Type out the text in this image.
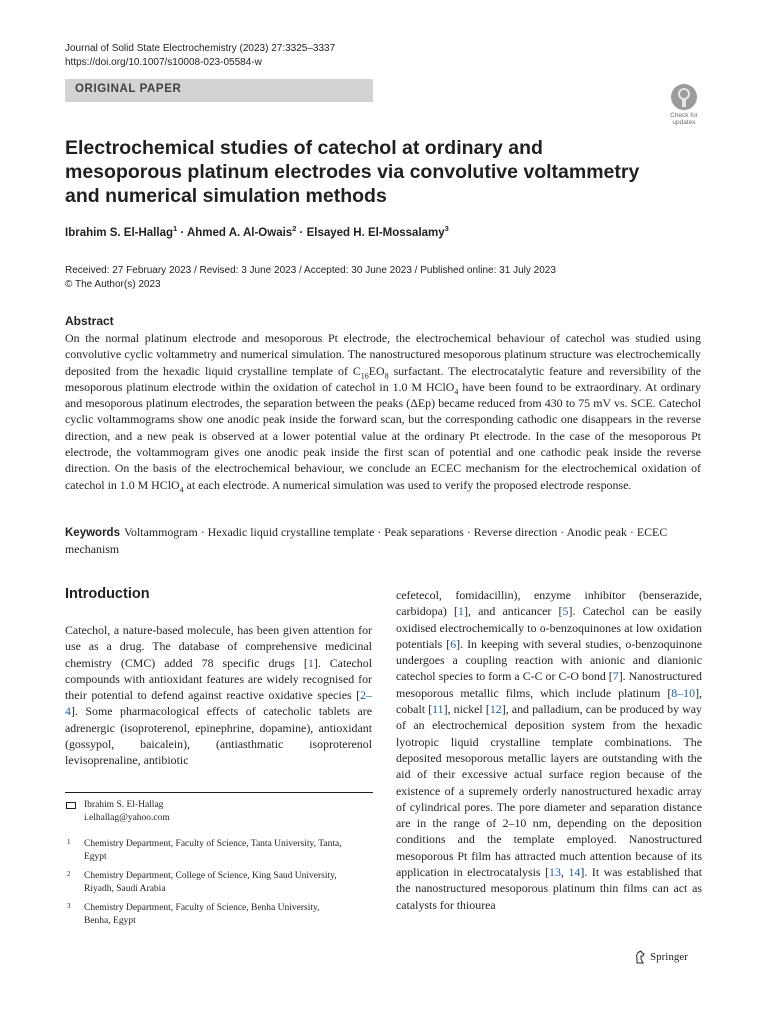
Journal of Solid State Electrochemistry (2023) 27:3325–3337
https://doi.org/10.1007/s10008-023-05584-w
ORIGINAL PAPER
Check for
updates
Electrochemical studies of catechol at ordinary and mesoporous platinum electrodes via convolutive voltammetry and numerical simulation methods
Ibrahim S. El‑Hallag$^1$ · Ahmed A. Al‑Owais$^2$ · Elsayed H. El‑Mossalamy$^3$
Received: 27 February 2023 / Revised: 3 June 2023 / Accepted: 30 June 2023 / Published online: 31 July 2023
© The Author(s) 2023
Abstract
On the normal platinum electrode and mesoporous Pt electrode, the electrochemical behaviour of catechol was studied using convolutive cyclic voltammetry and numerical simulation. The nanostructured mesoporous platinum structure was electrochemically deposited from the hexadic liquid crystalline template of $C_{16}EO_8$ surfactant. The electrocatalytic feature and reversibility of the mesoporous platinum electrode within the oxidation of catechol in 1.0 M HClO$_4$ have been found to be extraordinary. At ordinary and mesoporous platinum electrodes, the separation between the peaks (ΔEp) became reduced from 430 to 75 mV vs. SCE. Catechol cyclic voltammograms show one anodic peak inside the forward scan, but the corresponding cathodic one disappears in the reverse direction, and a new peak is observed at a lower potential value at the ordinary Pt electrode. In the case of the mesoporous Pt electrode, the voltammogram gives one anodic peak inside the first scan of potential and one cathodic peak inside the reverse direction. On the basis of the electrochemical behaviour, we conclude an ECEC mechanism for the electrochemical oxidation of catechol in 1.0 M HClO$_4$ at each electrode. A numerical simulation was used to verify the proposed electrode response.
Keywords Voltammogram · Hexadic liquid crystalline template · Peak separations · Reverse direction · Anodic peak · ECEC mechanism
Introduction
Catechol, a nature-based molecule, has been given attention for use as a drug. The database of comprehensive medicinal chemistry (CMC) added 78 specific drugs [1]. Catechol compounds with antioxidant features are widely recognised for their potential to defend against reactive oxidative species [2–4]. Some pharmacological effects of catecholic tablets are adrenergic (isoproterenol, epinephrine, dopamine), antioxidant (gossypol, baicalein), (antiasthmatic isoproterenol levisoprenaline, antibiotic
cefetecol, fomidacillin), enzyme inhibitor (benserazide, carbidopa) [1], and anticancer [5]. Catechol can be easily oxidised electrochemically to o-benzoquinones at low oxidation potentials [6]. In keeping with several studies, o-benzoquinone undergoes a coupling reaction with anionic and dianionic catechol species to form a C-C or C-O bond [7]. Nanostructured mesoporous metallic films, which include platinum [8–10], cobalt [11], nickel [12], and palladium, can be produced by way of an electrochemical deposition system from the hexadic lyotropic liquid crystalline template combinations. The deposited mesoporous metallic layers are outstanding with the aid of their excessive actual surface region because of the existence of a supremely orderly nanostructured hexadic array of cylindrical pores. The pore diameter and separation distance are in the range of 2–10 nm, depending on the deposition conditions and the template employed. Nanostructured mesoporous Pt film has attracted much attention because of its application in electrocatalysis [13, 14]. It was established that the nanostructured mesoporous platinum thin films can act as catalysts for thiourea
Ibrahim S. El‑Hallag
i.elhallag@yahoo.com
1 Chemistry Department, Faculty of Science, Tanta University, Tanta, Egypt
2 Chemistry Department, College of Science, King Saud University, Riyadh, Saudi Arabia
3 Chemistry Department, Faculty of Science, Benha University, Benha, Egypt
Springer
